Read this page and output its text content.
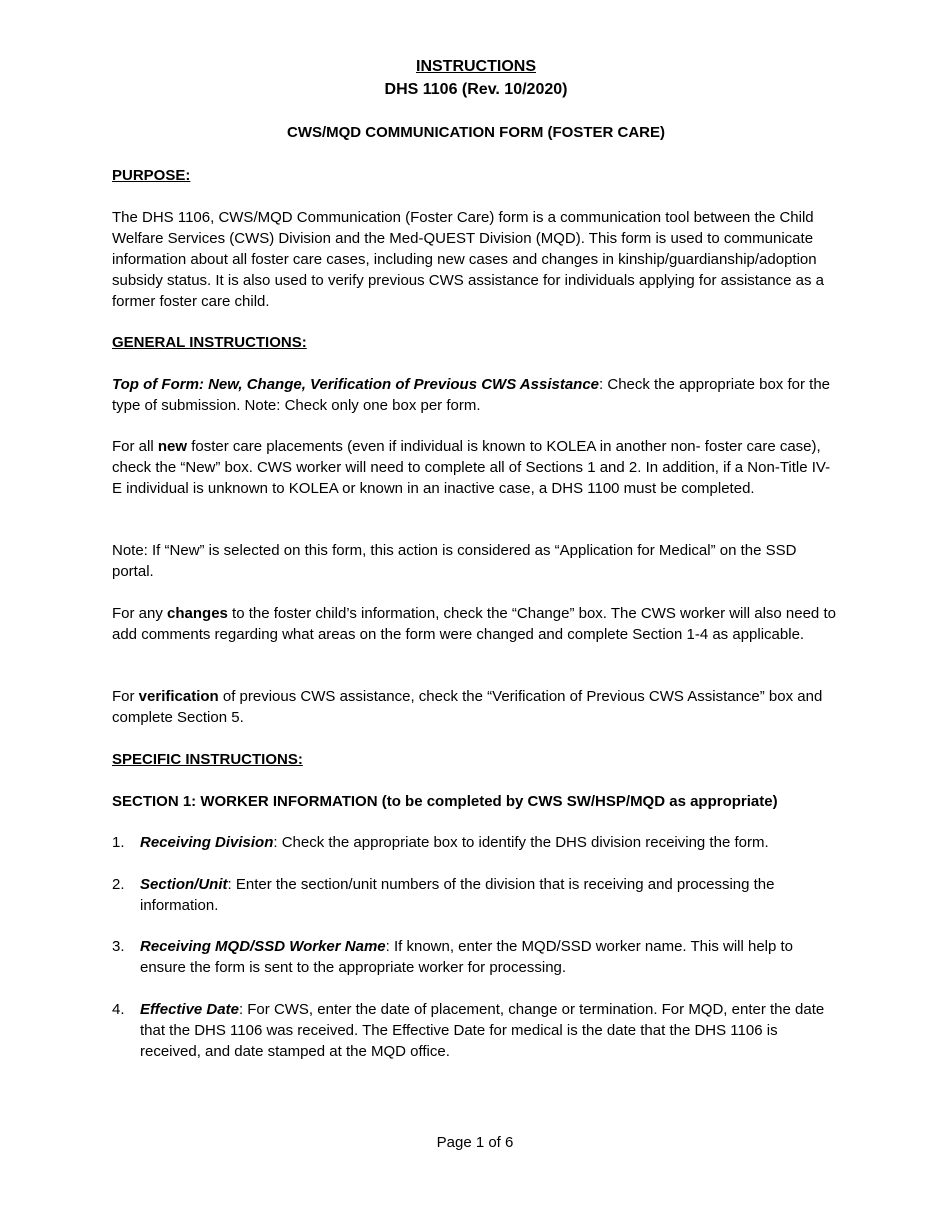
INSTRUCTIONS
DHS 1106 (Rev. 10/2020)
CWS/MQD COMMUNICATION FORM (FOSTER CARE)
PURPOSE:

The DHS 1106, CWS/MQD Communication (Foster Care) form is a communication tool between the Child Welfare Services (CWS) Division and the Med-QUEST Division (MQD). This form is used to communicate information about all foster care cases, including new cases and changes in kinship/guardianship/adoption subsidy status. It is also used to verify previous CWS assistance for individuals applying for assistance as a former foster care child.

GENERAL INSTRUCTIONS:

Top of Form: New, Change, Verification of Previous CWS Assistance: Check the appropriate box for the type of submission. Note: Check only one box per form.

For all new foster care placements (even if individual is known to KOLEA in another non- foster care case), check the “New” box. CWS worker will need to complete all of Sections 1 and 2. In addition, if a Non-Title IV-E individual is unknown to KOLEA or known in an inactive case, a DHS 1100 must be completed.

Note: If “New” is selected on this form, this action is considered as “Application for Medical” on the SSD portal.

For any changes to the foster child’s information, check the “Change” box. The CWS worker will also need to add comments regarding what areas on the form were changed and complete Section 1-4 as applicable.

For verification of previous CWS assistance, check the “Verification of Previous CWS Assistance” box and complete Section 5.

SPECIFIC INSTRUCTIONS:
SECTION 1: WORKER INFORMATION (to be completed by CWS SW/HSP/MQD as appropriate)
1. Receiving Division: Check the appropriate box to identify the DHS division receiving the form.
2. Section/Unit: Enter the section/unit numbers of the division that is receiving and processing the information.
3. Receiving MQD/SSD Worker Name: If known, enter the MQD/SSD worker name. This will help to ensure the form is sent to the appropriate worker for processing.
4. Effective Date: For CWS, enter the date of placement, change or termination. For MQD, enter the date that the DHS 1106 was received. The Effective Date for medical is the date that the DHS 1106 is received, and date stamped at the MQD office.
Page 1 of 6
